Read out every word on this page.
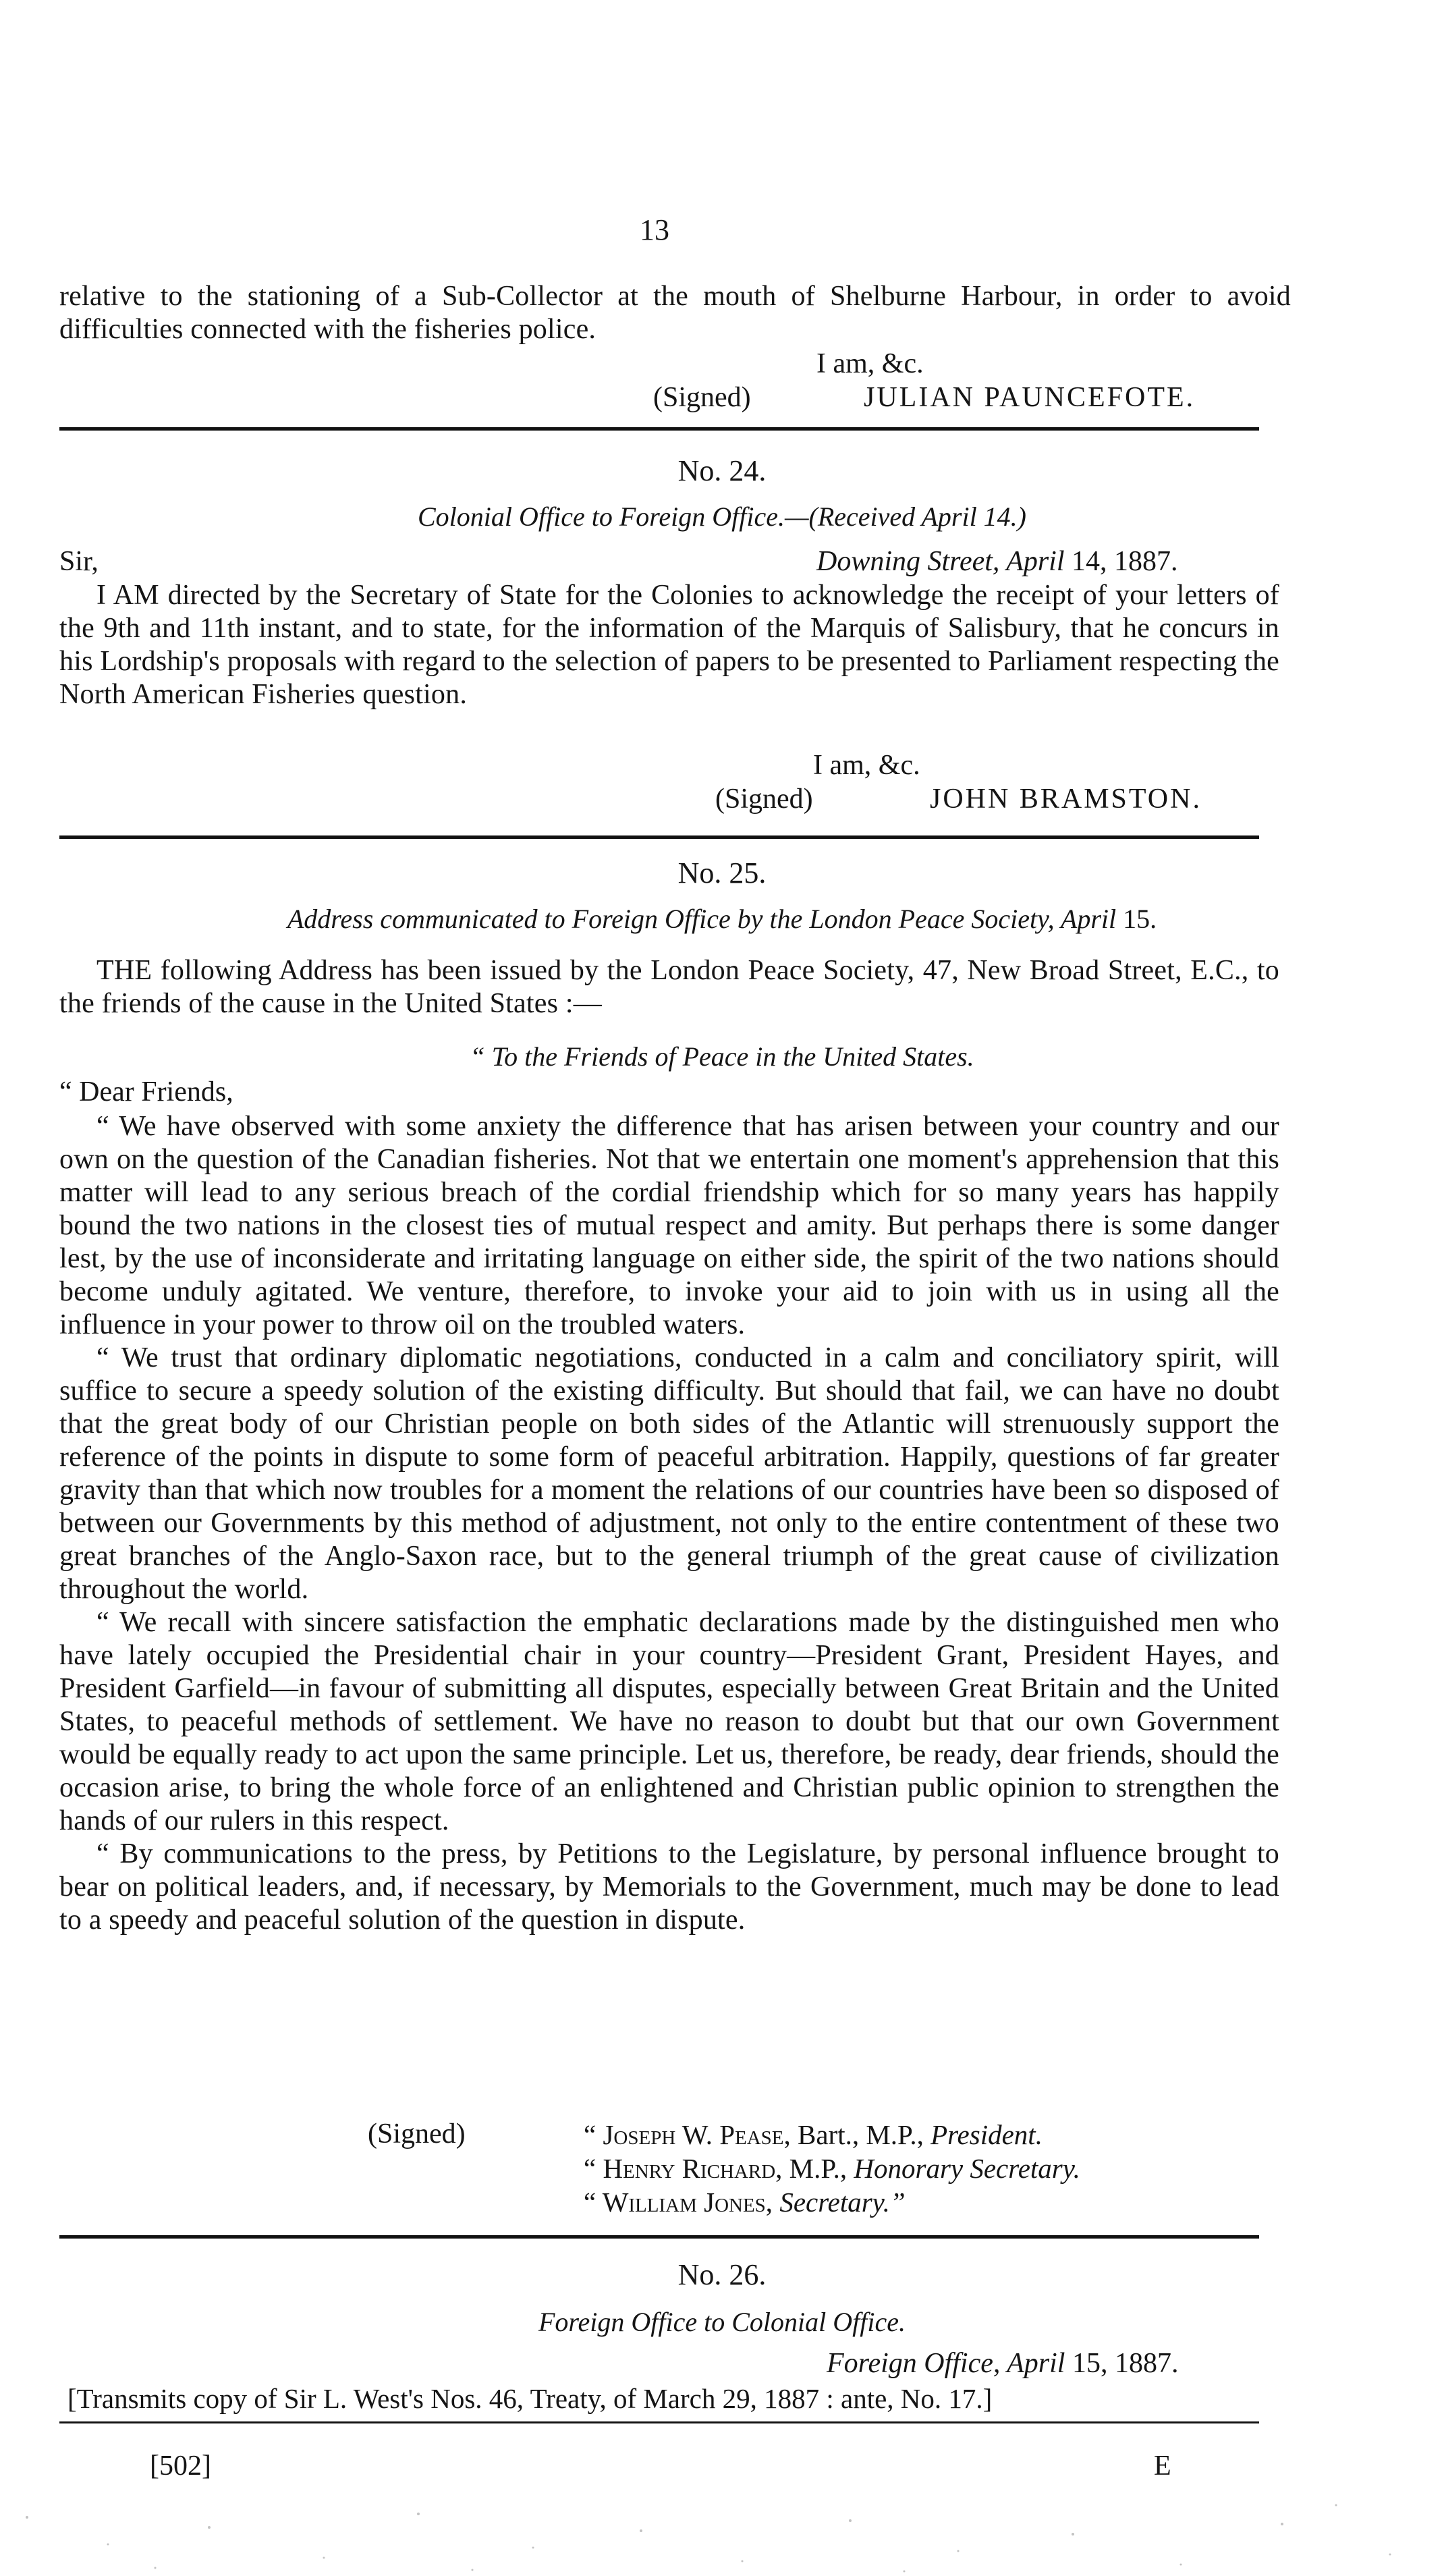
13

relative to the stationing of a Sub-Collector at the mouth of Shelburne Harbour, in order to avoid difficulties connected with the fisheries police.

I am, &c.
(Signed)	JULIAN PAUNCEFOTE.
No. 24.
Colonial Office to Foreign Office.—(Received April 14.)
Sir,	Downing Street, April 14, 1887.

I AM directed by the Secretary of State for the Colonies to acknowledge the receipt of your letters of the 9th and 11th instant, and to state, for the information of the Marquis of Salisbury, that he concurs in his Lordship's proposals with regard to the selection of papers to be presented to Parliament respecting the North American Fisheries question.

I am, &c.
(Signed)	JOHN BRAMSTON.
No. 25.
Address communicated to Foreign Office by the London Peace Society, April 15.

THE following Address has been issued by the London Peace Society, 47, New Broad Street, E.C., to the friends of the cause in the United States :—

“ To the Friends of Peace in the United States.
“ Dear Friends,

“ We have observed with some anxiety the difference that has arisen between your country and our own on the question of the Canadian fisheries. Not that we entertain one moment's apprehension that this matter will lead to any serious breach of the cordial friendship which for so many years has happily bound the two nations in the closest ties of mutual respect and amity. But perhaps there is some danger lest, by the use of inconsiderate and irritating language on either side, the spirit of the two nations should become unduly agitated. We venture, therefore, to invoke your aid to join with us in using all the influence in your power to throw oil on the troubled waters.

“ We trust that ordinary diplomatic negotiations, conducted in a calm and conciliatory spirit, will suffice to secure a speedy solution of the existing difficulty. But should that fail, we can have no doubt that the great body of our Christian people on both sides of the Atlantic will strenuously support the reference of the points in dispute to some form of peaceful arbitration. Happily, questions of far greater gravity than that which now troubles for a moment the relations of our countries have been so disposed of between our Governments by this method of adjustment, not only to the entire contentment of these two great branches of the Anglo-Saxon race, but to the general triumph of the great cause of civilization throughout the world.

“ We recall with sincere satisfaction the emphatic declarations made by the distinguished men who have lately occupied the Presidential chair in your country—President Grant, President Hayes, and President Garfield—in favour of submitting all disputes, especially between Great Britain and the United States, to peaceful methods of settlement. We have no reason to doubt but that our own Government would be equally ready to act upon the same principle. Let us, therefore, be ready, dear friends, should the occasion arise, to bring the whole force of an enlightened and Christian public opinion to strengthen the hands of our rulers in this respect.

“ By communications to the press, by Petitions to the Legislature, by personal influence brought to bear on political leaders, and, if necessary, by Memorials to the Government, much may be done to lead to a speedy and peaceful solution of the question in dispute.

(Signed)	“ Joseph W. Pease, Bart., M.P., President.
“ Henry Richard, M.P., Honorary Secretary.
“ William Jones, Secretary.”
No. 26.
Foreign Office to Colonial Office.
Foreign Office, April 15, 1887.
[Transmits copy of Sir L. West's Nos. 46, Treaty, of March 29, 1887 : ante, No. 17.]
[502]	E
